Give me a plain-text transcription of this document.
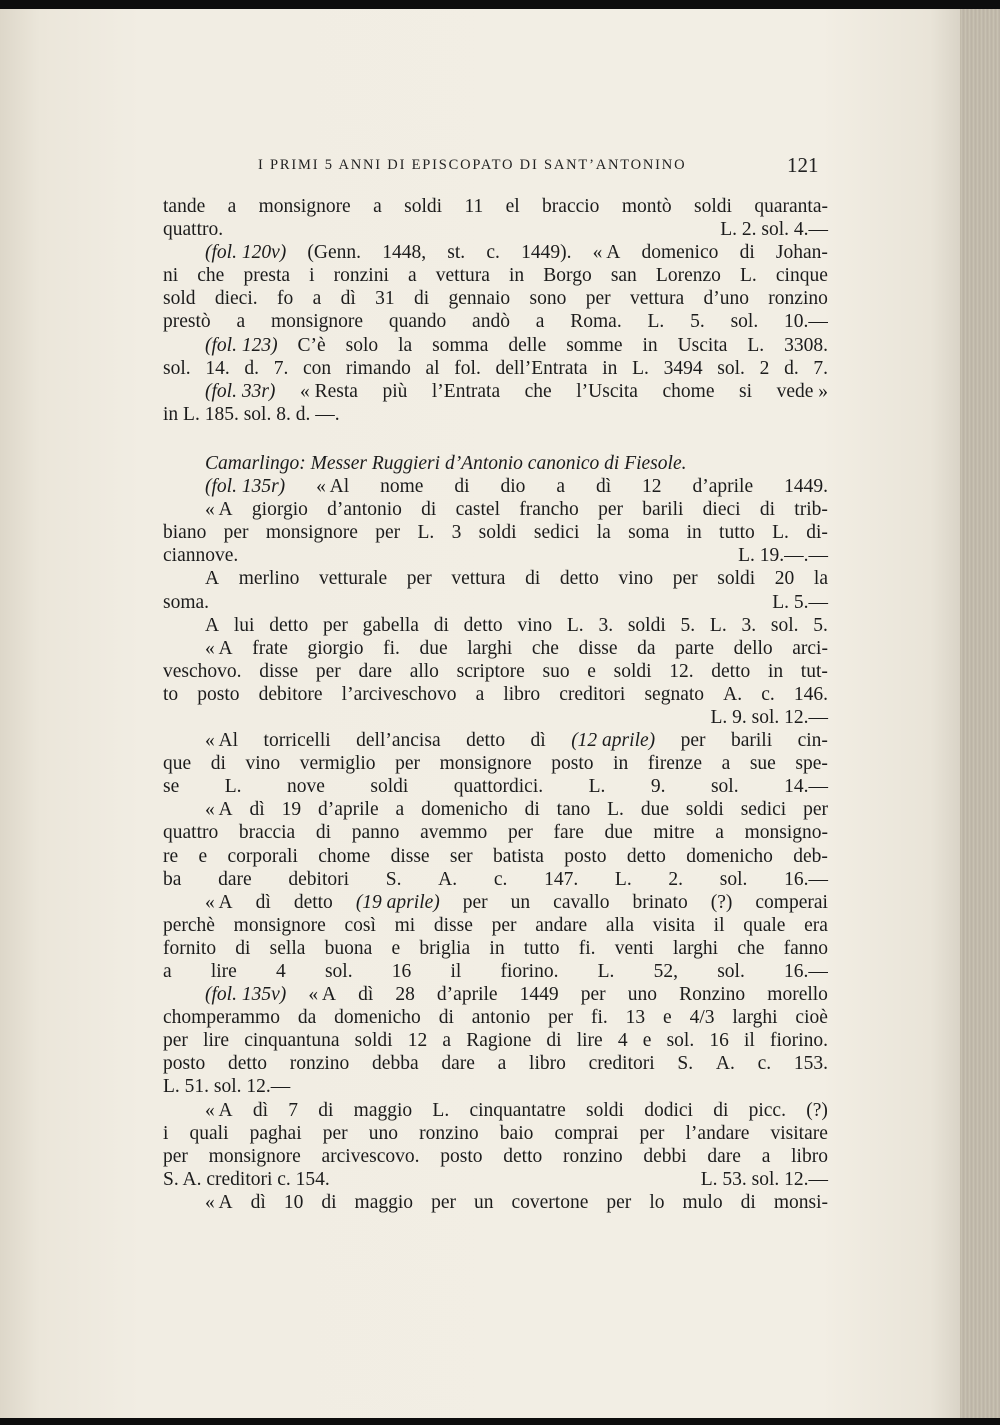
I PRIMI 5 ANNI DI EPISCOPATO DI SANT’ANTONINO	121
tande a monsignore a soldi 11 el braccio montò soldi quaranta-
quattro.	L. 2. sol. 4.—
(fol. 120v) (Genn. 1448, st. c. 1449). « A domenico di Johan-
ni che presta i ronzini a vettura in Borgo san Lorenzo L. cinque
sold dieci. fo a dì 31 di gennaio sono per vettura d’uno ronzino
prestò a monsignore quando andò a Roma. L. 5. sol. 10.—
(fol. 123) C’è solo la somma delle somme in Uscita L. 3308.
sol. 14. d. 7. con rimando al fol. dell’Entrata in L. 3494 sol. 2 d. 7.
(fol. 33r) « Resta più l’Entrata che l’Uscita chome si vede »
in L. 185. sol. 8. d. —.
Camarlingo: Messer Ruggieri d’Antonio canonico di Fiesole.
(fol. 135r) « Al nome di dio a dì 12 d’aprile 1449.
« A giorgio d’antonio di castel francho per barili dieci di trib-
biano per monsignore per L. 3 soldi sedici la soma in tutto L. di-
ciannove.	L. 19.—.—
A merlino vetturale per vettura di detto vino per soldi 20 la
soma.	L. 5.—
A lui detto per gabella di detto vino L. 3. soldi 5. L. 3. sol. 5.
« A frate giorgio fi. due larghi che disse da parte dello arci-
veschovo. disse per dare allo scriptore suo e soldi 12. detto in tut-
to posto debitore l’arciveschovo a libro creditori segnato A. c. 146.
L. 9. sol. 12.—
« Al torricelli dell’ancisa detto dì (12 aprile) per barili cin-
que di vino vermiglio per monsignore posto in firenze a sue spe-
se L. nove soldi quattordici. L. 9. sol. 14.—
« A dì 19 d’aprile a domenicho di tano L. due soldi sedici per
quattro braccia di panno avemmo per fare due mitre a monsigno-
re e corporali chome disse ser batista posto detto domenicho deb-
ba dare debitori S. A. c. 147. L. 2. sol. 16.—
« A dì detto (19 aprile) per un cavallo brinato (?) comperai
perchè monsignore così mi disse per andare alla visita il quale era
fornito di sella buona e briglia in tutto fi. venti larghi che fanno
a lire 4 sol. 16 il fiorino. L. 52, sol. 16.—
(fol. 135v) « A dì 28 d’aprile 1449 per uno Ronzino morello
chomperammo da domenicho di antonio per fi. 13 e 4/3 larghi cioè
per lire cinquantuna soldi 12 a Ragione di lire 4 e sol. 16 il fiorino.
posto detto ronzino debba dare a libro creditori S. A. c. 153.
L. 51. sol. 12.—
« A dì 7 di maggio L. cinquantatre soldi dodici di picc. (?)
i quali paghai per uno ronzino baio comprai per l’andare visitare
per monsignore arcivescovo. posto detto ronzino debbi dare a libro
S. A. creditori c. 154.	L. 53. sol. 12.—
« A dì 10 di maggio per un covertone per lo mulo di monsi-
